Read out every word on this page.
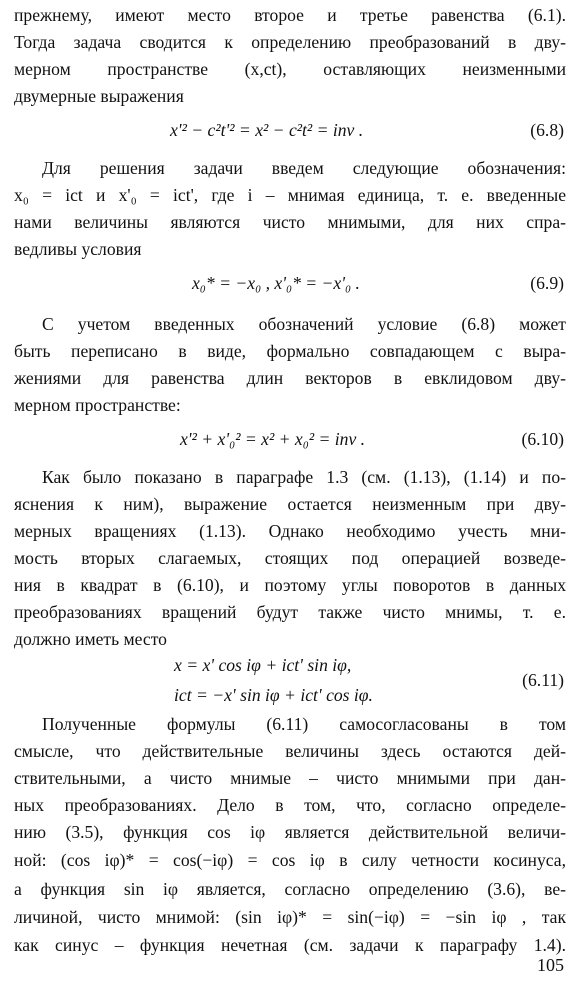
прежнему, имеют место второе и третье равенства (6.1).
Тогда задача сводится к определению преобразований в дву-
мерном пространстве (x,ct), оставляющих неизменными
двумерные выражения
x'² − c²t'² = x² − c²t² = inv .	(6.8)
Для решения задачи введем следующие обозначения:
x₀ = ict и x'₀ = ict', где i – мнимая единица, т. е. введенные
нами величины являются чисто мнимыми, для них спра-
ведливы условия
x₀* = −x₀ , x'₀* = −x'₀ .	(6.9)
С учетом введенных обозначений условие (6.8) может
быть переписано в виде, формально совпадающем с выра-
жениями для равенства длин векторов в евклидовом дву-
мерном пространстве:
x'² + x'₀² = x² + x₀² = inv .	(6.10)
Как было показано в параграфе 1.3 (см. (1.13), (1.14) и по-
яснения к ним), выражение остается неизменным при дву-
мерных вращениях (1.13). Однако необходимо учесть мни-
мость вторых слагаемых, стоящих под операцией возведе-
ния в квадрат в (6.10), и поэтому углы поворотов в данных
преобразованиях вращений будут также чисто мнимы, т. е.
должно иметь место
x = x' cos iφ + ict' sin iφ,
ict = −x' sin iφ + ict' cos iφ.
(6.11)
Полученные формулы (6.11) самосогласованы в том
смысле, что действительные величины здесь остаются дей-
ствительными, а чисто мнимые – чисто мнимыми при дан-
ных преобразованиях. Дело в том, что, согласно определе-
нию (3.5), функция cos iφ является действительной величи-
ной: (cos iφ)* = cos(−iφ) = cos iφ в силу четности косинуса,
а функция sin iφ является, согласно определению (3.6), ве-
личиной, чисто мнимой: (sin iφ)* = sin(−iφ) = −sin iφ , так
как синус – функция нечетная (см. задачи к параграфу 1.4).
105
